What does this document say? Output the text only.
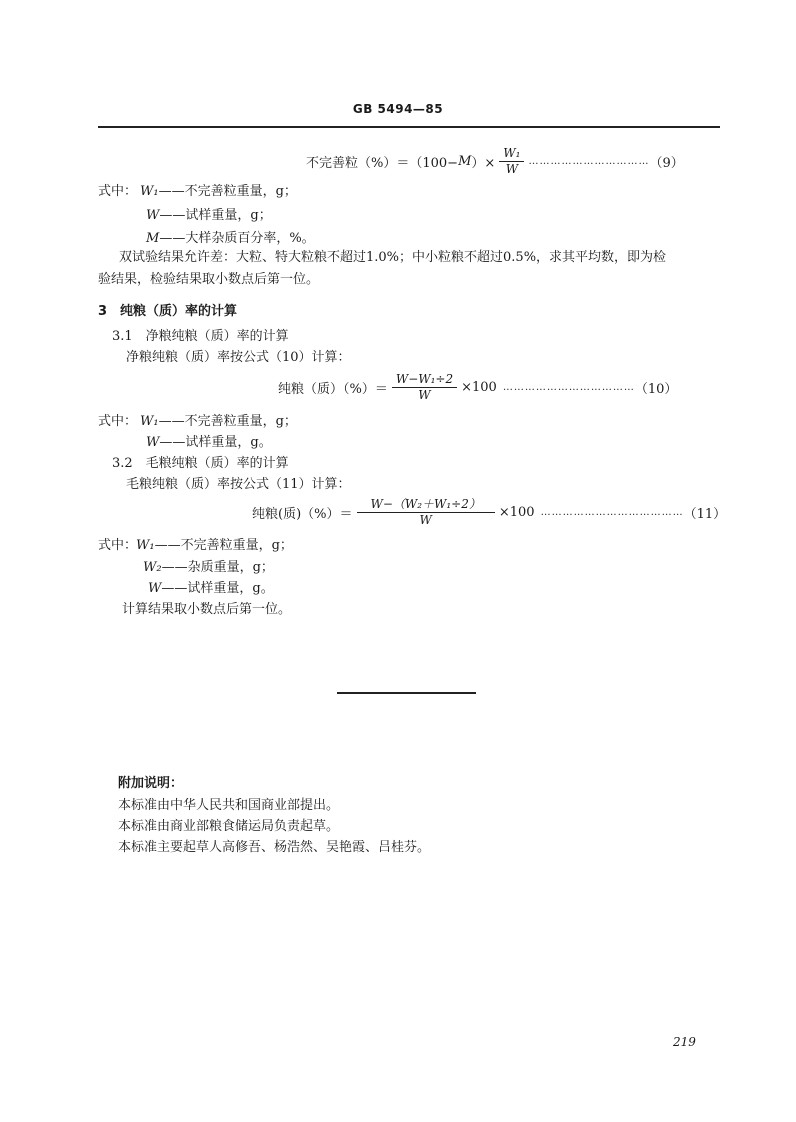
GB 5494—85
不完善粒（%）＝（100− M ）× $\frac{\text{W₁}}{W}$ …………………………… （9）
式中： W₁——不完善粒重量，g；
W——试样重量，g；
M——大样杂质百分率，%。
双试验结果允许差：大粒、特大粒粮不超过1.0%；中小粒粮不超过0.5%，求其平均数，即为检
验结果，检验结果取小数点后第一位。
3　纯粮（质）率的计算
3.1　净粮纯粮（质）率的计算
净粮纯粮（质）率按公式（10）计算：
纯粮（质）（%）＝ $\frac{\text{W−W₁÷2}}{W} \times 100$ ……………………………… （10）
式中： W₁——不完善粒重量，g；
W——试样重量，g。
3.2　毛粮纯粮（质）率的计算
毛粮纯粮（质）率按公式（11）计算：
纯粮(质)（%）＝ $\frac{\text{W−（W₂＋W₁÷2）}}{W} \times 100$ ………………………………… （11）
式中：
W₁——不完善粒重量，g；
W₂——杂质重量，g；
W——试样重量，g。
计算结果取小数点后第一位。
附加说明：
本标准由中华人民共和国商业部提出。
本标准由商业部粮食储运局负责起草。
本标准主要起草人高修吾、杨浩然、吴艳霞、吕桂芬。
219
